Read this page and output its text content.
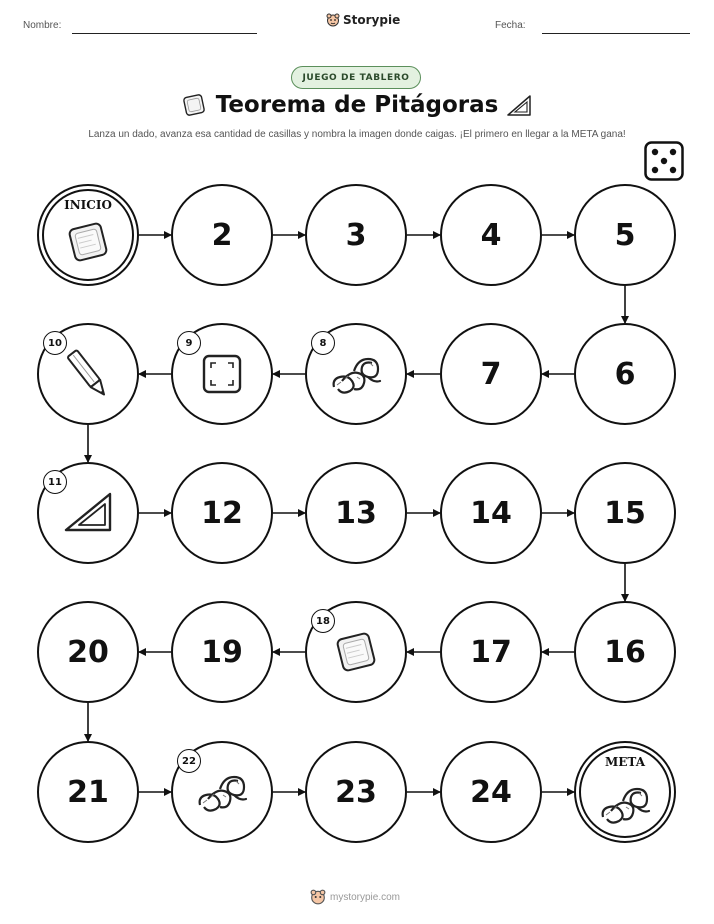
Nombre:	Storypie	Fecha:
JUEGO DE TABLERO
Teorema de Pitágoras
Lanza un dado, avanza esa cantidad de casillas y nombra la imagen donde caigas. ¡El primero en llegar a la META gana!
INICIO
2	3	4	5
10	9	8
7	6
11
12	13	14	15
20	19
18
17	16
21
22
23	24
META
mystorypie.com
